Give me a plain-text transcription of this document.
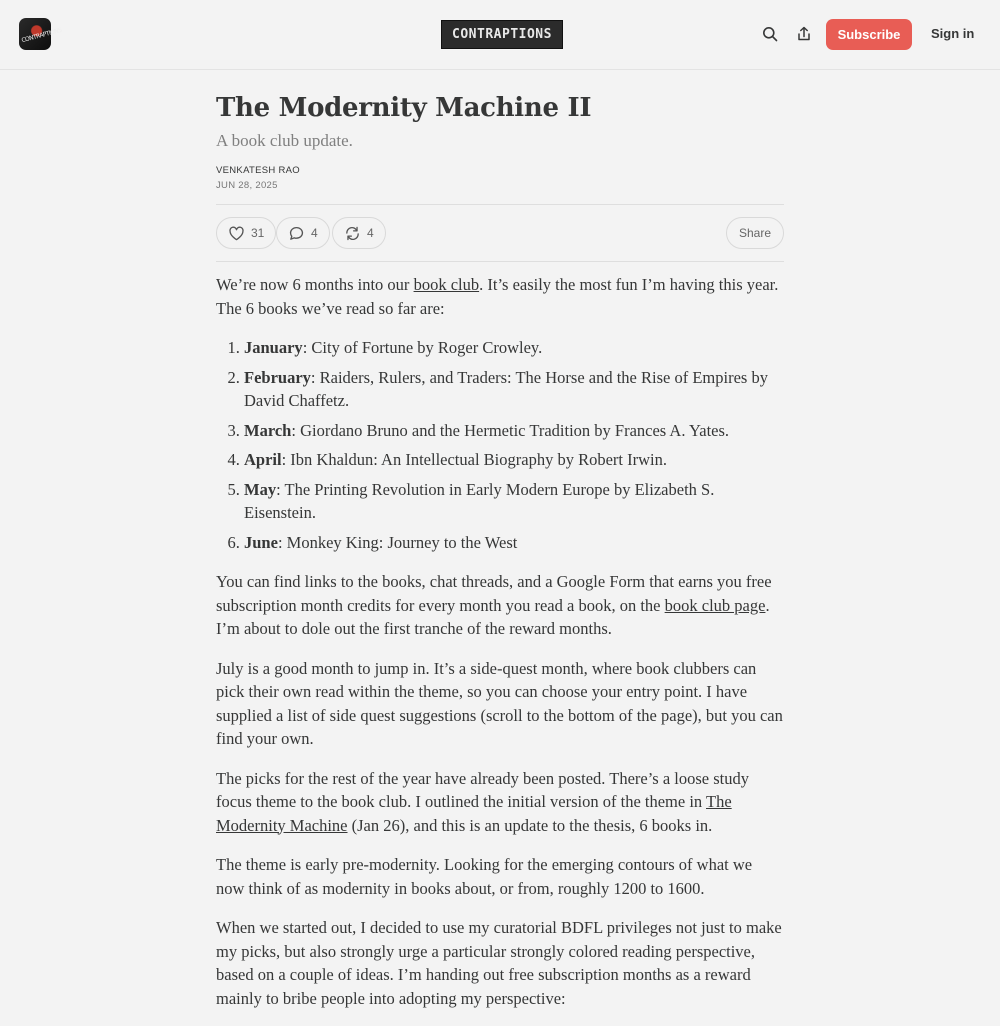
CONTRAPTIONS	CONTRAPTIONS	Subscribe	Sign in
The Modernity Machine II
A book club update.
VENKATESH RAO
JUN 28, 2025
31	4	4	Share

We’re now 6 months into our book club. It’s easily the most fun I’m having this year. The 6 books we’ve read so far are:

1. January: City of Fortune by Roger Crowley.
2. February: Raiders, Rulers, and Traders: The Horse and the Rise of Empires by David Chaffetz.
3. March: Giordano Bruno and the Hermetic Tradition by Frances A. Yates.
4. April: Ibn Khaldun: An Intellectual Biography by Robert Irwin.
5. May: The Printing Revolution in Early Modern Europe by Elizabeth S. Eisenstein.
6. June: Monkey King: Journey to the West

You can find links to the books, chat threads, and a Google Form that earns you free subscription month credits for every month you read a book, on the book club page. I’m about to dole out the first tranche of the reward months.

July is a good month to jump in. It’s a side-quest month, where book clubbers can pick their own read within the theme, so you can choose your entry point. I have supplied a list of side quest suggestions (scroll to the bottom of the page), but you can find your own.

The picks for the rest of the year have already been posted. There’s a loose study focus theme to the book club. I outlined the initial version of the theme in The Modernity Machine (Jan 26), and this is an update to the thesis, 6 books in.

The theme is early pre-modernity. Looking for the emerging contours of what we now think of as modernity in books about, or from, roughly 1200 to 1600.

When we started out, I decided to use my curatorial BDFL privileges not just to make my picks, but also strongly urge a particular strongly colored reading perspective, based on a couple of ideas. I’m handing out free subscription months as a reward mainly to bribe people into adopting my perspective:
